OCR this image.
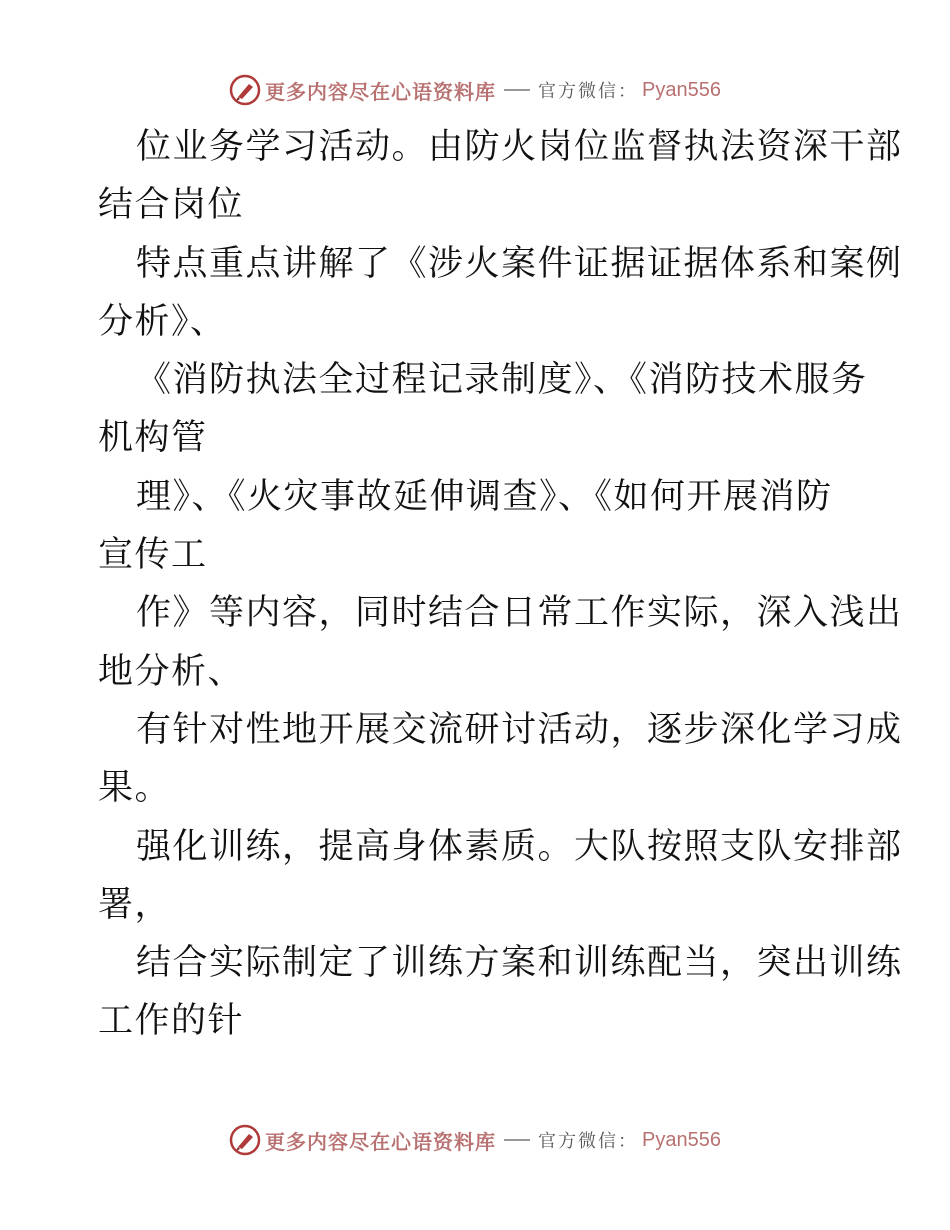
更多内容尽在心语资料库 官方微信： Pyan556
位业务学习活动。由防火岗位监督执法资深干部
结合岗位
特点重点讲解了《涉火案件证据证据体系和案例
分析》、
《消防执法全过程记录制度》、《消防技术服务
机构管
理》、《火灾事故延伸调查》、《如何开展消防
宣传工
作》等内容，同时结合日常工作实际，深入浅出
地分析、
有针对性地开展交流研讨活动，逐步深化学习成
果。
强化训练，提高身体素质。大队按照支队安排部
署，
结合实际制定了训练方案和训练配当，突出训练
工作的针
更多内容尽在心语资料库 官方微信： Pyan556
